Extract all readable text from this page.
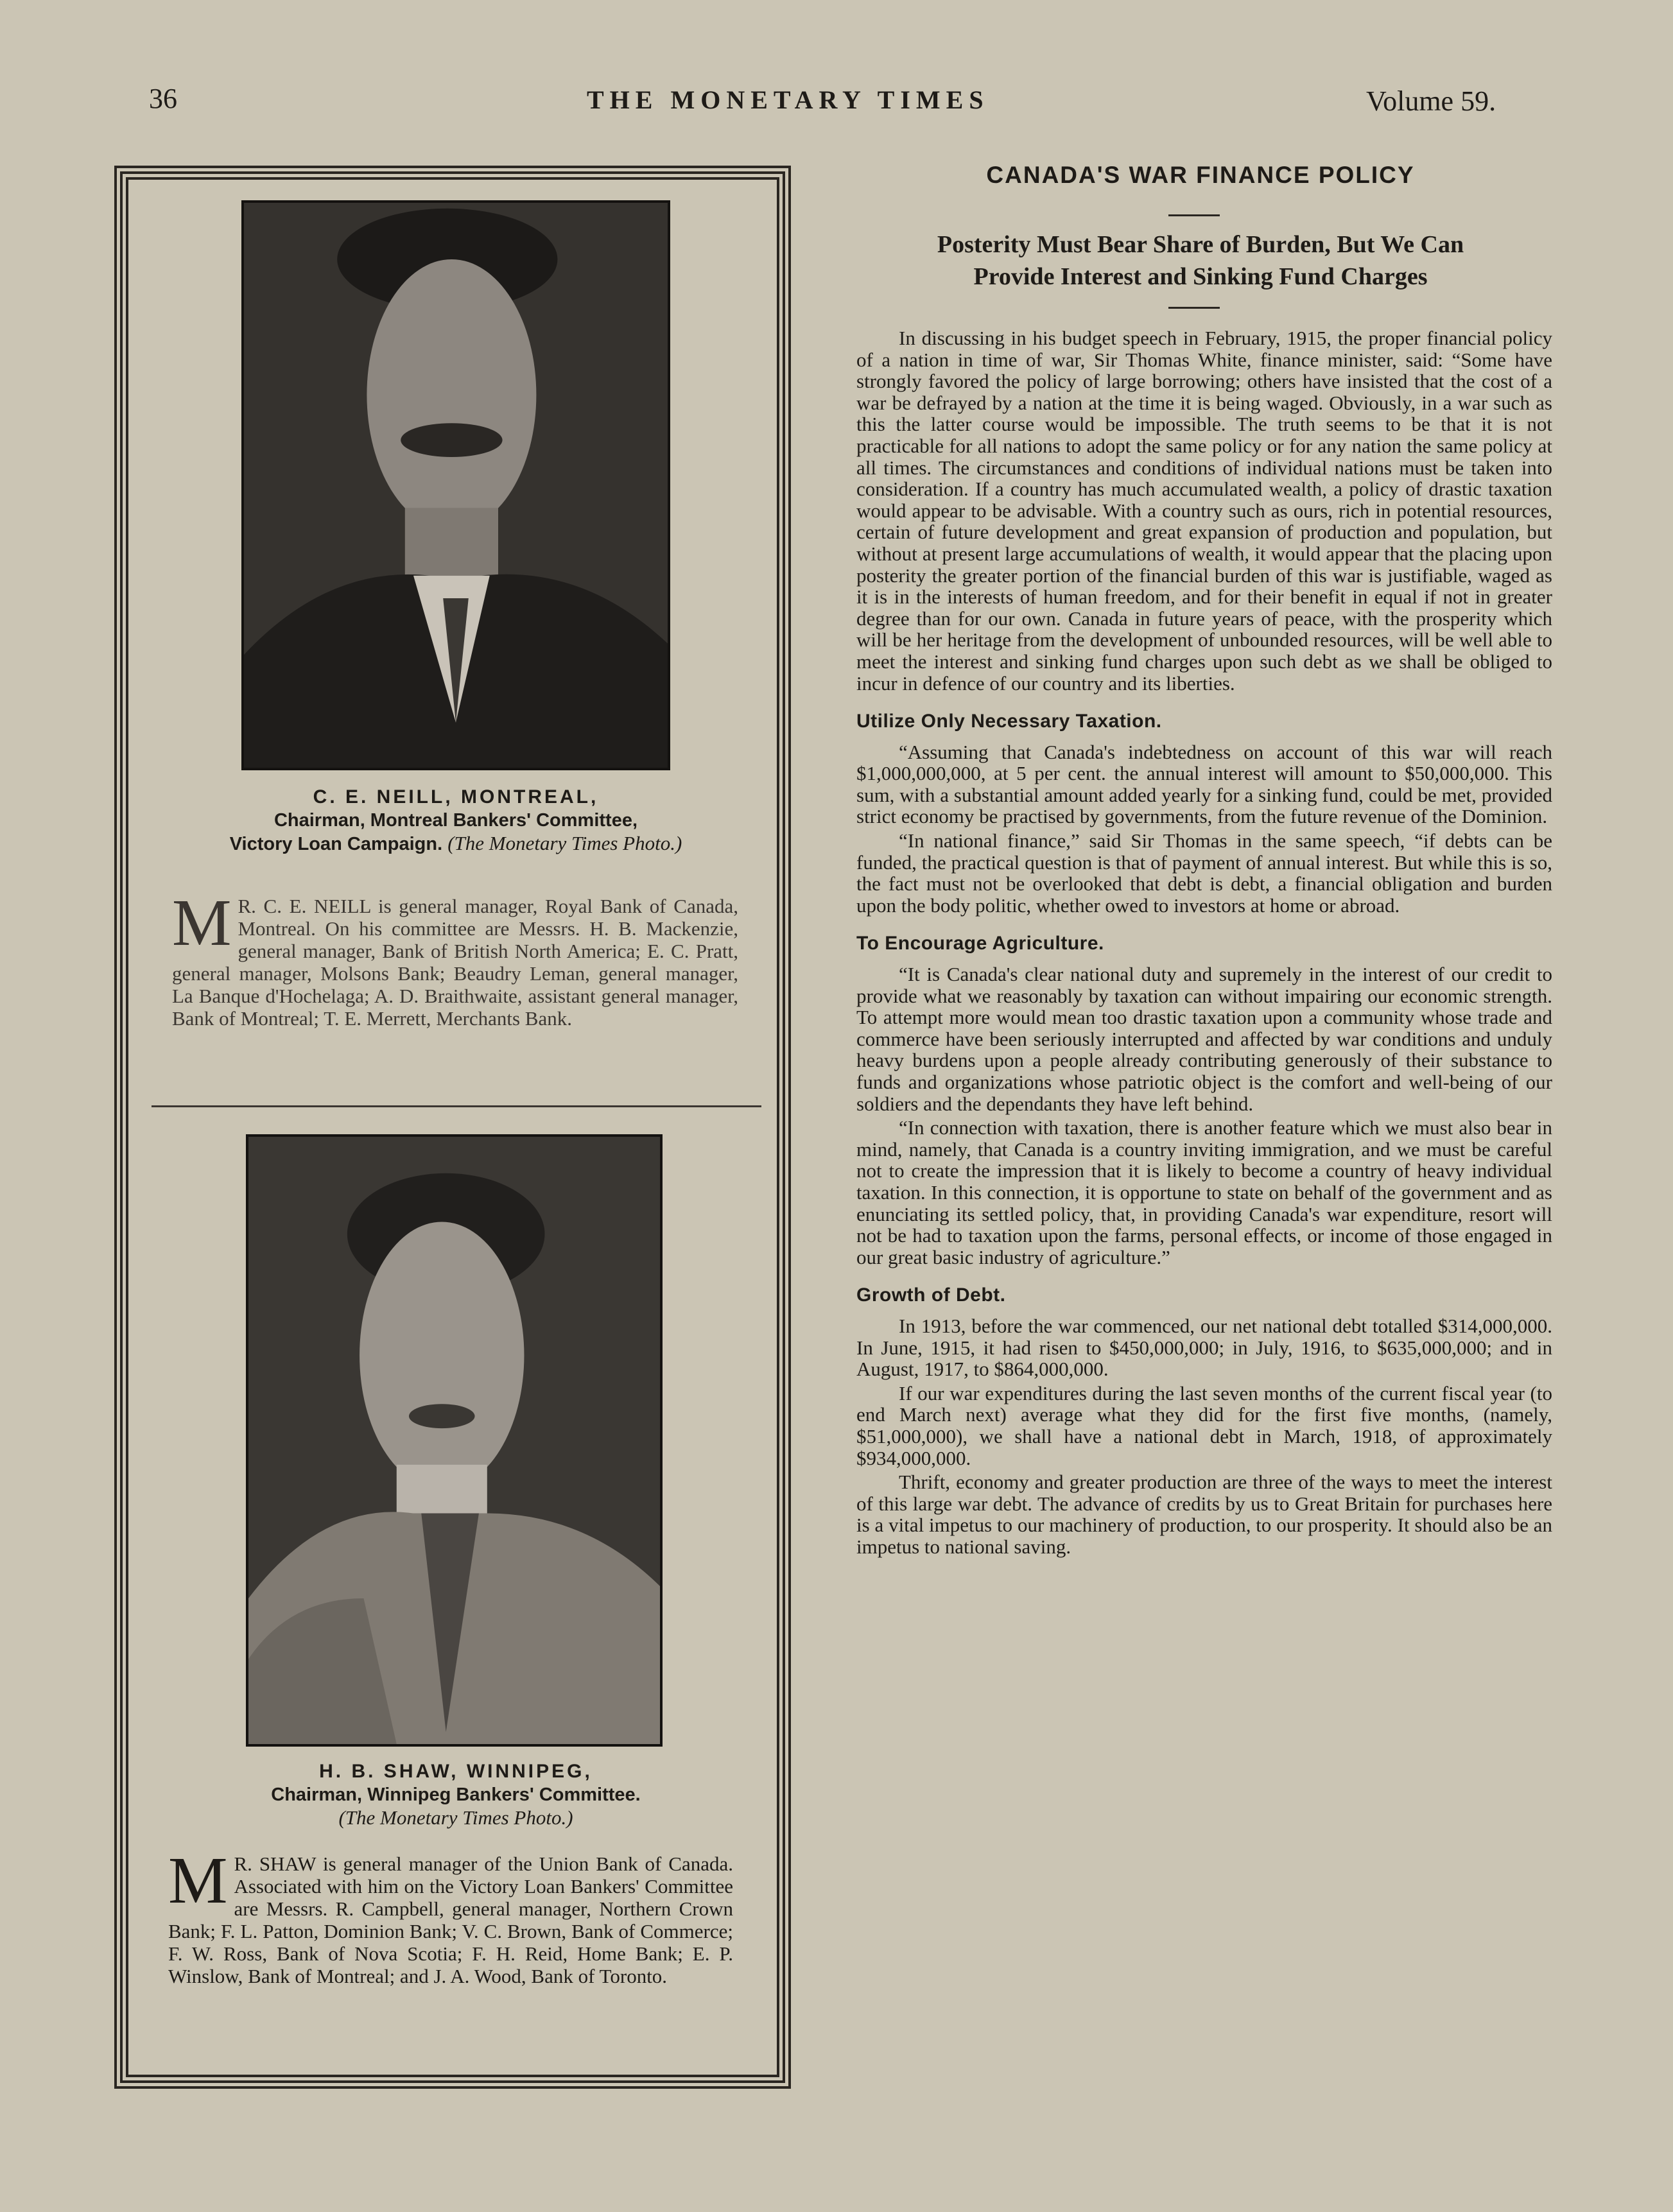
36	THE MONETARY TIMES	Volume 59.
C. E. NEILL, MONTREAL,
Chairman, Montreal Bankers' Committee,
Victory Loan Campaign. (The Monetary Times Photo.)
M R. C. E. NEILL is general manager, Royal Bank of Canada, Montreal. On his committee are Messrs. H. B. Mackenzie, general manager, Bank of British North America; E. C. Pratt, general manager, Molsons Bank; Beaudry Leman, general manager, La Banque d'Hochelaga; A. D. Braithwaite, assistant general manager, Bank of Montreal; T. E. Merrett, Merchants Bank.
H. B. SHAW, WINNIPEG,
Chairman, Winnipeg Bankers' Committee.
(The Monetary Times Photo.)
M R. SHAW is general manager of the Union Bank of Canada. Associated with him on the Victory Loan Bankers' Committee are Messrs. R. Campbell, general manager, Northern Crown Bank; F. L. Patton, Dominion Bank; V. C. Brown, Bank of Commerce; F. W. Ross, Bank of Nova Scotia; F. H. Reid, Home Bank; E. P. Winslow, Bank of Montreal; and J. A. Wood, Bank of Toronto.
CANADA'S WAR FINANCE POLICY
Posterity Must Bear Share of Burden, But We Can
Provide Interest and Sinking Fund Charges

In discussing in his budget speech in February, 1915, the proper financial policy of a nation in time of war, Sir Thomas White, finance minister, said: “Some have strongly favored the policy of large borrowing; others have insisted that the cost of a war be defrayed by a nation at the time it is being waged. Obviously, in a war such as this the latter course would be impossible. The truth seems to be that it is not practicable for all nations to adopt the same policy or for any nation the same policy at all times. The circumstances and conditions of individual nations must be taken into consideration. If a country has much accumulated wealth, a policy of drastic taxation would appear to be advisable. With a country such as ours, rich in potential resources, certain of future development and great expansion of production and population, but without at present large accumulations of wealth, it would appear that the placing upon posterity the greater portion of the financial burden of this war is justifiable, waged as it is in the interests of human freedom, and for their benefit in equal if not in greater degree than for our own. Canada in future years of peace, with the prosperity which will be her heritage from the development of unbounded resources, will be well able to meet the interest and sinking fund charges upon such debt as we shall be obliged to incur in defence of our country and its liberties.

Utilize Only Necessary Taxation.

“Assuming that Canada's indebtedness on account of this war will reach $1,000,000,000, at 5 per cent. the annual interest will amount to $50,000,000. This sum, with a substantial amount added yearly for a sinking fund, could be met, provided strict economy be practised by governments, from the future revenue of the Dominion.

“In national finance,” said Sir Thomas in the same speech, “if debts can be funded, the practical question is that of payment of annual interest. But while this is so, the fact must not be overlooked that debt is debt, a financial obligation and burden upon the body politic, whether owed to investors at home or abroad.

To Encourage Agriculture.

“It is Canada's clear national duty and supremely in the interest of our credit to provide what we reasonably by taxation can without impairing our economic strength. To attempt more would mean too drastic taxation upon a community whose trade and commerce have been seriously interrupted and affected by war conditions and unduly heavy burdens upon a people already contributing generously of their substance to funds and organizations whose patriotic object is the comfort and well-being of our soldiers and the dependants they have left behind.

“In connection with taxation, there is another feature which we must also bear in mind, namely, that Canada is a country inviting immigration, and we must be careful not to create the impression that it is likely to become a country of heavy individual taxation. In this connection, it is opportune to state on behalf of the government and as enunciating its settled policy, that, in providing Canada's war expenditure, resort will not be had to taxation upon the farms, personal effects, or income of those engaged in our great basic industry of agriculture.”

Growth of Debt.

In 1913, before the war commenced, our net national debt totalled $314,000,000. In June, 1915, it had risen to $450,000,000; in July, 1916, to $635,000,000; and in August, 1917, to $864,000,000.

If our war expenditures during the last seven months of the current fiscal year (to end March next) average what they did for the first five months, (namely, $51,000,000), we shall have a national debt in March, 1918, of approximately $934,000,000.

Thrift, economy and greater production are three of the ways to meet the interest of this large war debt. The advance of credits by us to Great Britain for purchases here is a vital impetus to our machinery of production, to our prosperity. It should also be an impetus to national saving.
